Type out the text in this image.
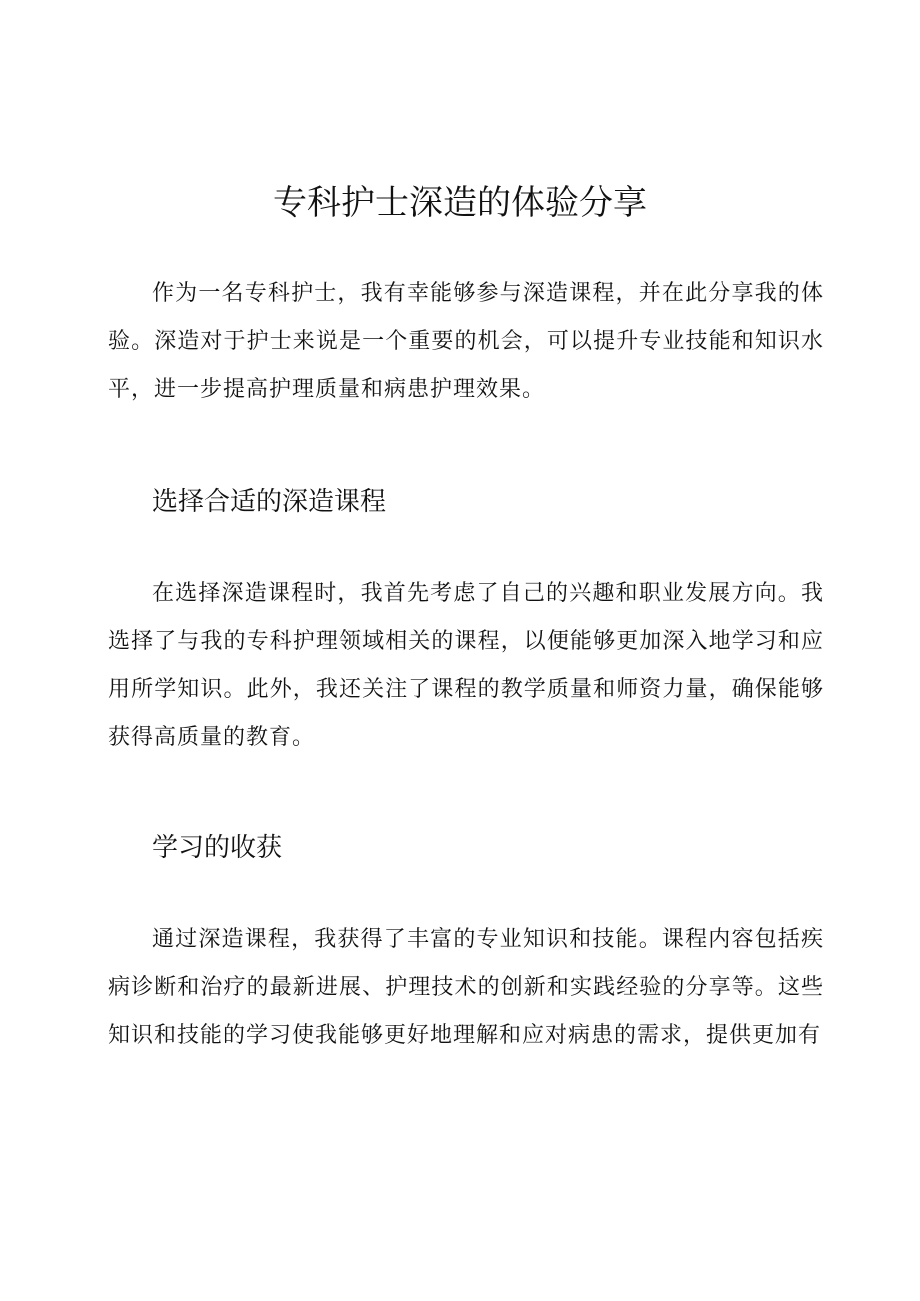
专科护士深造的体验分享

作为一名专科护士，我有幸能够参与深造课程，并在此分享我的体验。深造对于护士来说是一个重要的机会，可以提升专业技能和知识水平，进一步提高护理质量和病患护理效果。

选择合适的深造课程

在选择深造课程时，我首先考虑了自己的兴趣和职业发展方向。我选择了与我的专科护理领域相关的课程，以便能够更加深入地学习和应用所学知识。此外，我还关注了课程的教学质量和师资力量，确保能够获得高质量的教育。

学习的收获

通过深造课程，我获得了丰富的专业知识和技能。课程内容包括疾病诊断和治疗的最新进展、护理技术的创新和实践经验的分享等。这些知识和技能的学习使我能够更好地理解和应对病患的需求，提供更加有
